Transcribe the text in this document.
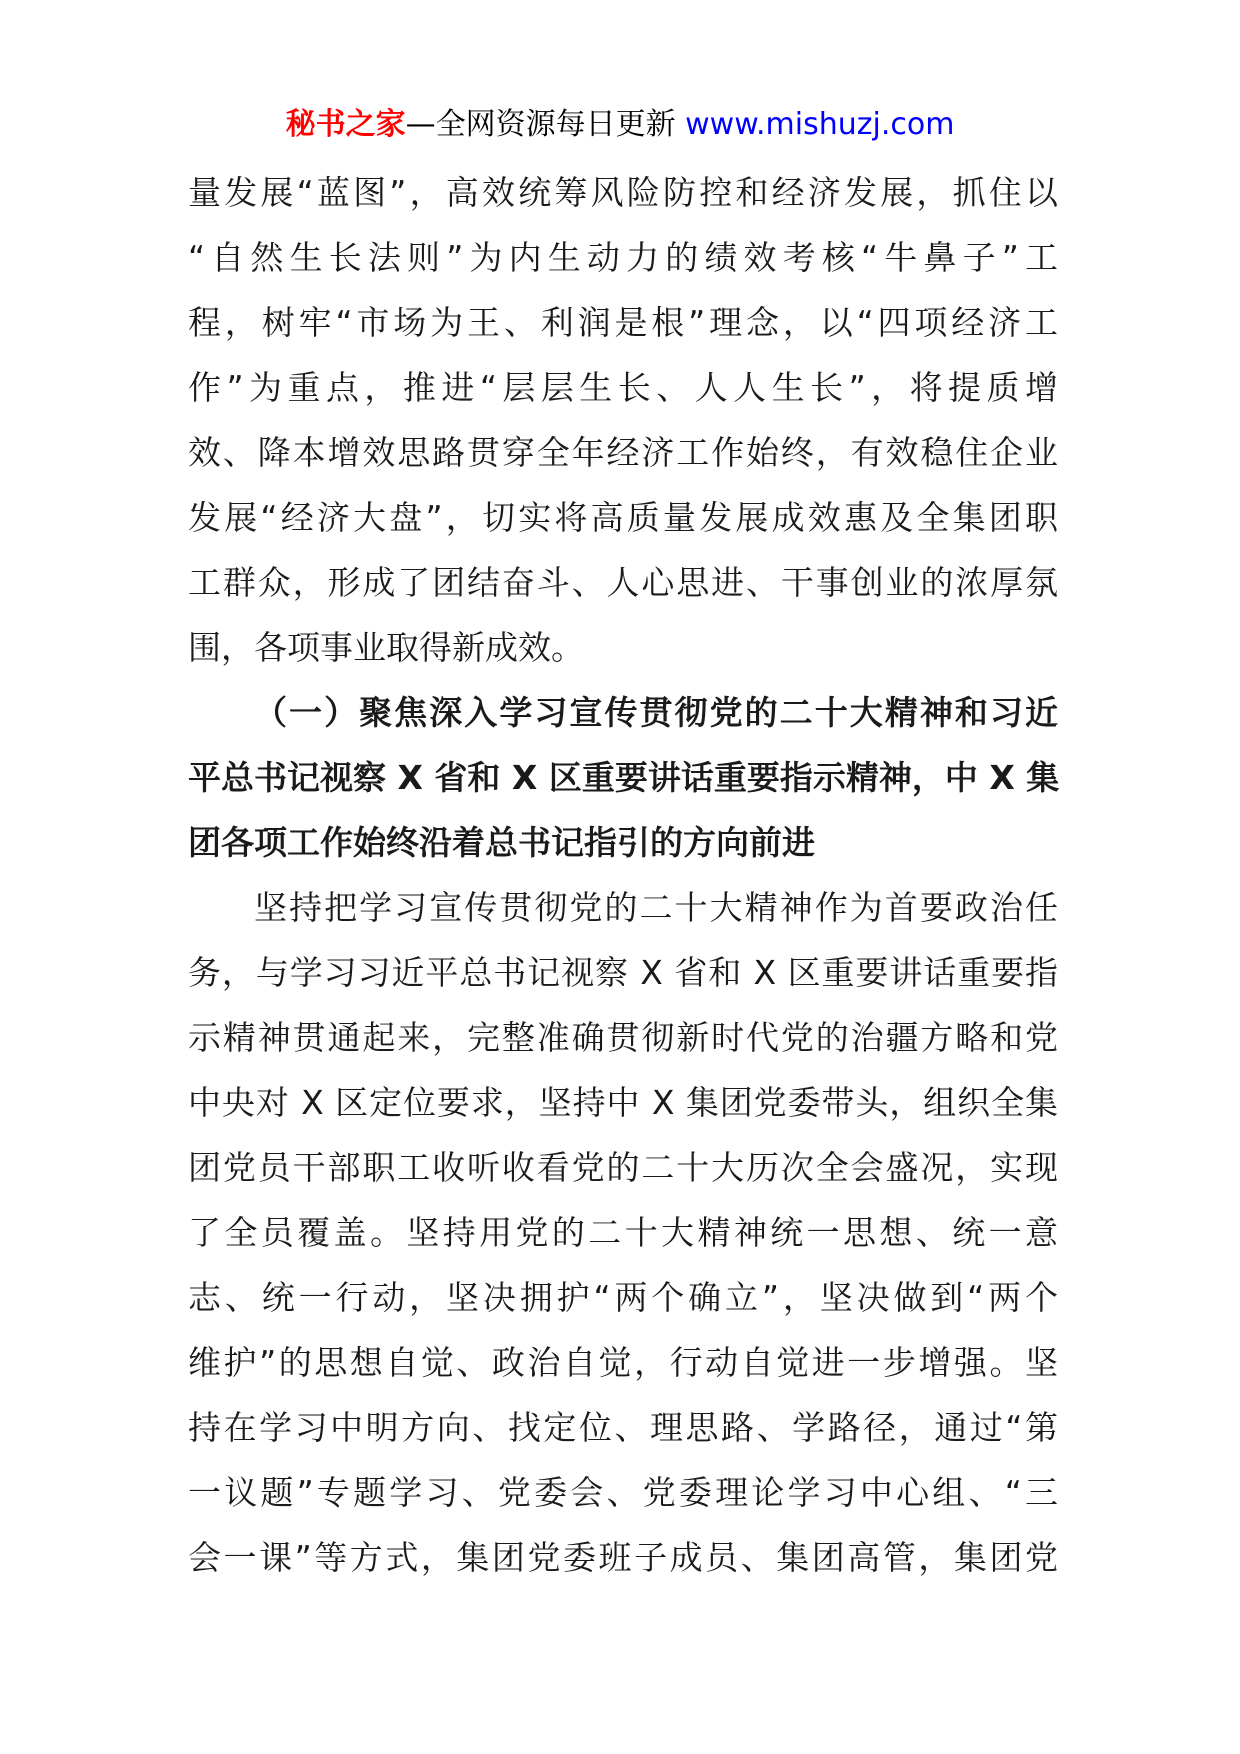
秘书之家—全网资源每日更新 www.mishuzj.com
量发展“蓝图”，高效统筹风险防控和经济发展，抓住以
“自然生长法则”为内生动力的绩效考核“牛鼻子”工
程，树牢“市场为王、利润是根”理念，以“四项经济工
作”为重点，推进“层层生长、人人生长”，将提质增
效、降本增效思路贯穿全年经济工作始终，有效稳住企业
发展“经济大盘”，切实将高质量发展成效惠及全集团职
工群众，形成了团结奋斗、人心思进、干事创业的浓厚氛
围，各项事业取得新成效。
（一）聚焦深入学习宣传贯彻党的二十大精神和习近
平总书记视察 X 省和 X 区重要讲话重要指示精神，中 X 集
团各项工作始终沿着总书记指引的方向前进
坚持把学习宣传贯彻党的二十大精神作为首要政治任
务，与学习习近平总书记视察 X 省和 X 区重要讲话重要指
示精神贯通起来，完整准确贯彻新时代党的治疆方略和党
中央对 X 区定位要求，坚持中 X 集团党委带头，组织全集
团党员干部职工收听收看党的二十大历次全会盛况，实现
了全员覆盖。坚持用党的二十大精神统一思想、统一意
志、统一行动，坚决拥护“两个确立”，坚决做到“两个
维护”的思想自觉、政治自觉，行动自觉进一步增强。坚
持在学习中明方向、找定位、理思路、学路径，通过“第
一议题”专题学习、党委会、党委理论学习中心组、“三
会一课”等方式，集团党委班子成员、集团高管，集团党
